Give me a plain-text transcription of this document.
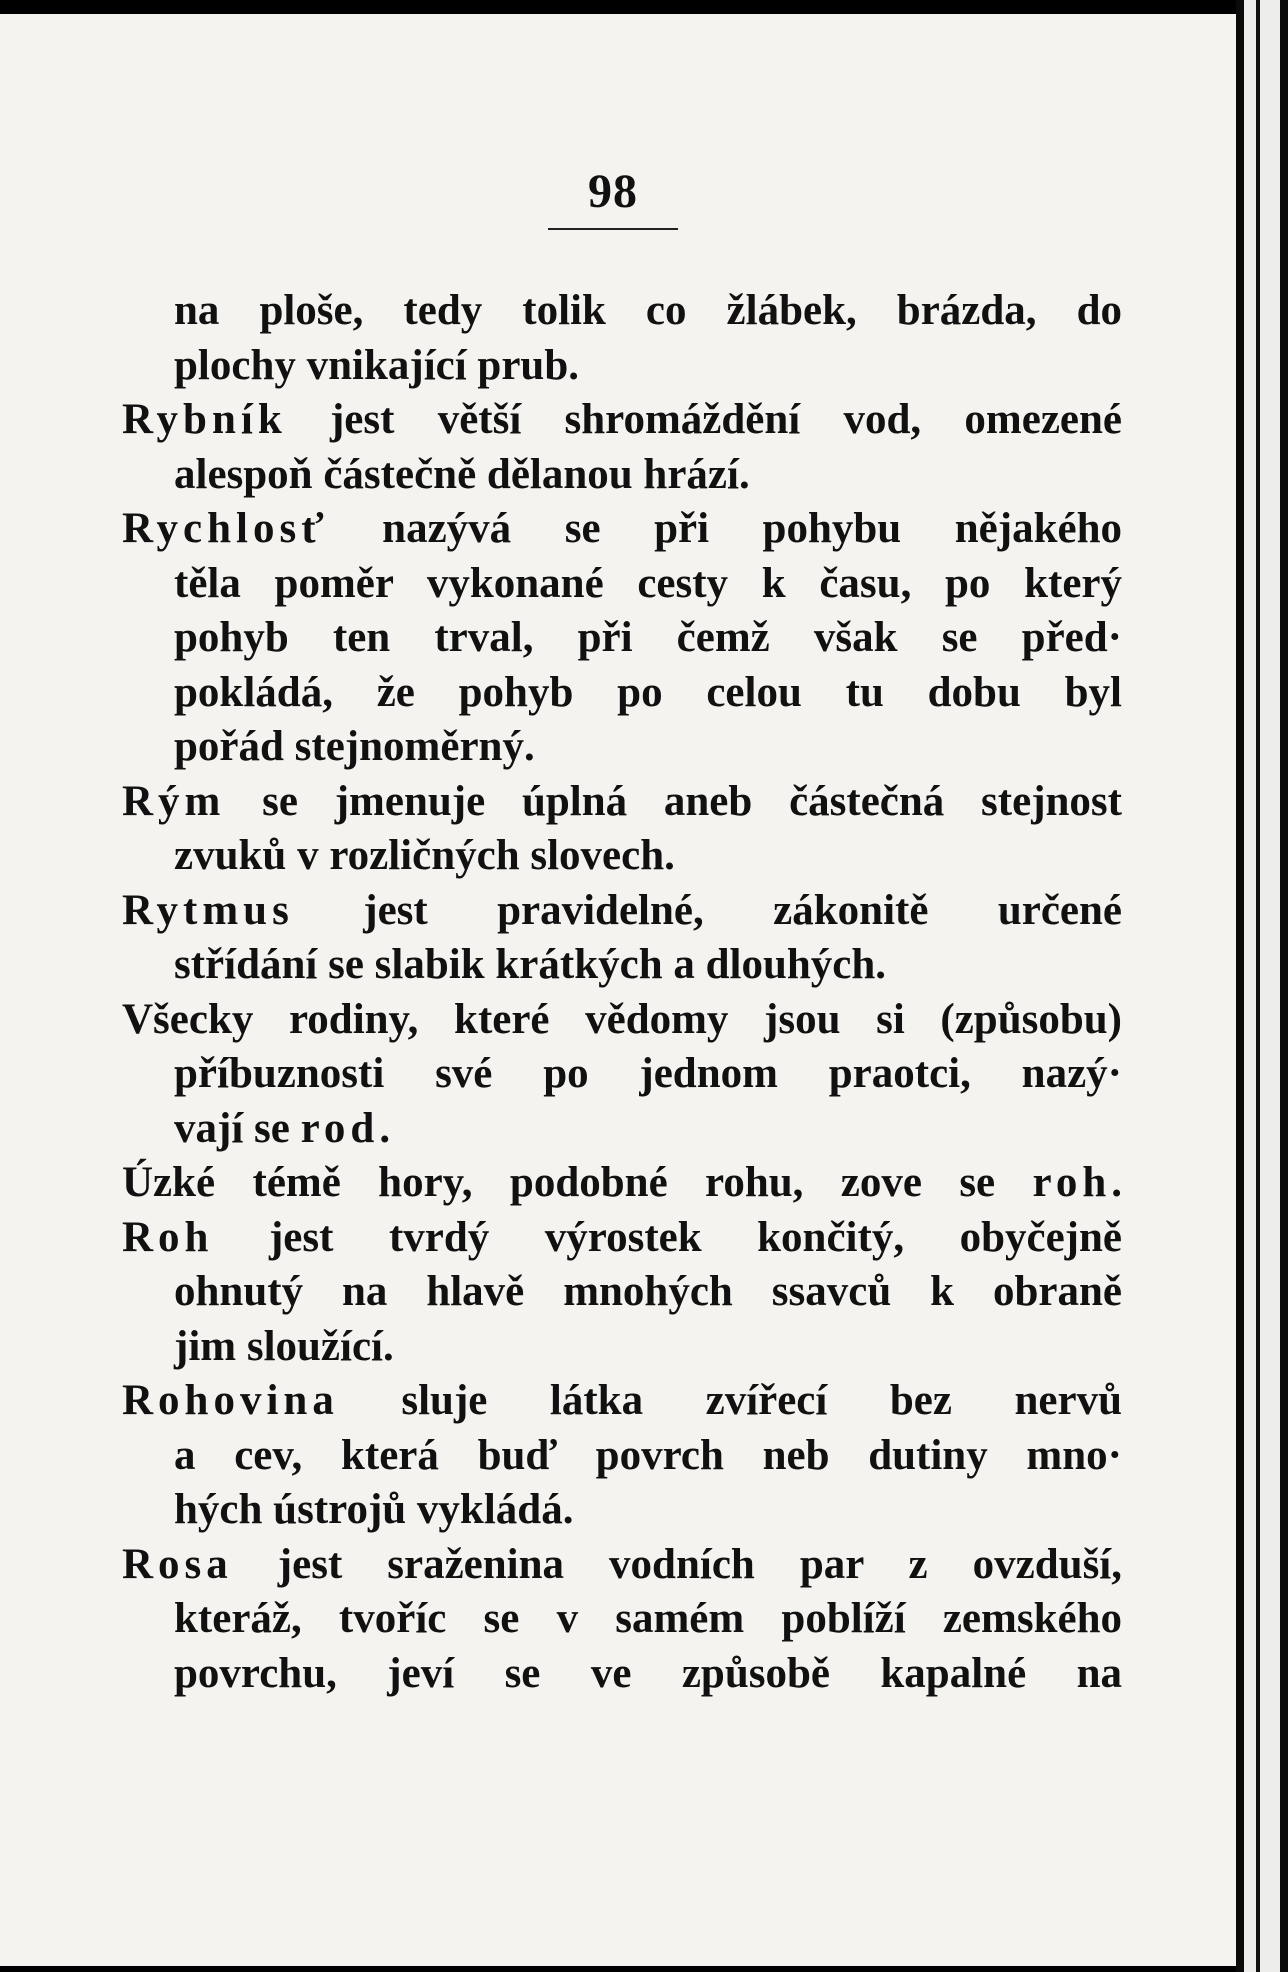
98
na ploše, tedy tolik co žlábek, brázda, do
plochy vnikající prub.
Rybník jest větší shromáždění vod, omezené
alespoň částečně dělanou hrází.
Rychlosť nazývá se při pohybu nějakého
těla poměr vykonané cesty k času, po který
pohyb ten trval, při čemž však se před·
pokládá, že pohyb po celou tu dobu byl
pořád stejnoměrný.
Rým se jmenuje úplná aneb částečná stejnost
zvuků v rozličných slovech.
Rytmus jest pravidelné, zákonitě určené
střídání se slabik krátkých a dlouhých.
Všecky rodiny, které vědomy jsou si (způsobu)
příbuznosti své po jednom praotci, nazý·
vají se rod.
Úzké témě hory, podobné rohu, zove se roh.
Roh jest tvrdý výrostek končitý, obyčejně
ohnutý na hlavě mnohých ssavců k obraně
jim sloužící.
Rohovina sluje látka zvířecí bez nervů
a cev, která buď povrch neb dutiny mno·
hých ústrojů vykládá.
Rosa jest sraženina vodních par z ovzduší,
kteráž, tvoříc se v samém poblíží zemského
povrchu, jeví se ve způsobě kapalné na
